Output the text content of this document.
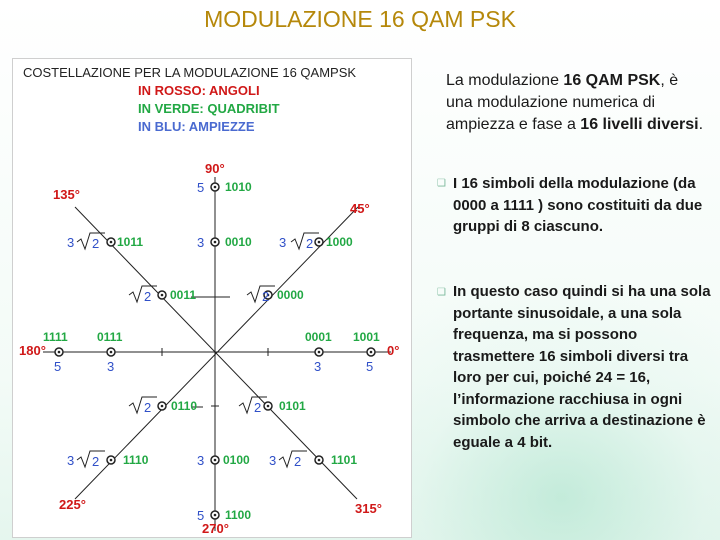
MODULAZIONE 16 QAM PSK
COSTELLAZIONE PER LA MODULAZIONE 16 QAMPSK
IN ROSSO: ANGOLI
IN VERDE: QUADRIBIT
IN BLU: AMPIEZZE
90°
135°
45°
180°	0°
225°	315°
270°
1010
1011	0010	1000
0011	0000
1111 0111	0001 1001
0110	0101
1110	0100	1101
1100
5
3
3 2	3 2
2	2
5	3	3	5
2	2
3 2	3	3 2
5
La modulazione 16 QAM PSK, è una modulazione numerica di ampiezza e fase a 16 livelli diversi.
❑ I 16 simboli della modulazione (da 0000 a 1111 ) sono costituiti da due gruppi di 8 ciascuno.
❑ In questo caso quindi si ha una sola portante sinusoidale, a una sola frequenza, ma si possono trasmettere 16 simboli diversi tra loro per cui, poiché 24 = 16, l’informazione racchiusa in ogni simbolo che arriva a destinazione è eguale a 4 bit.
